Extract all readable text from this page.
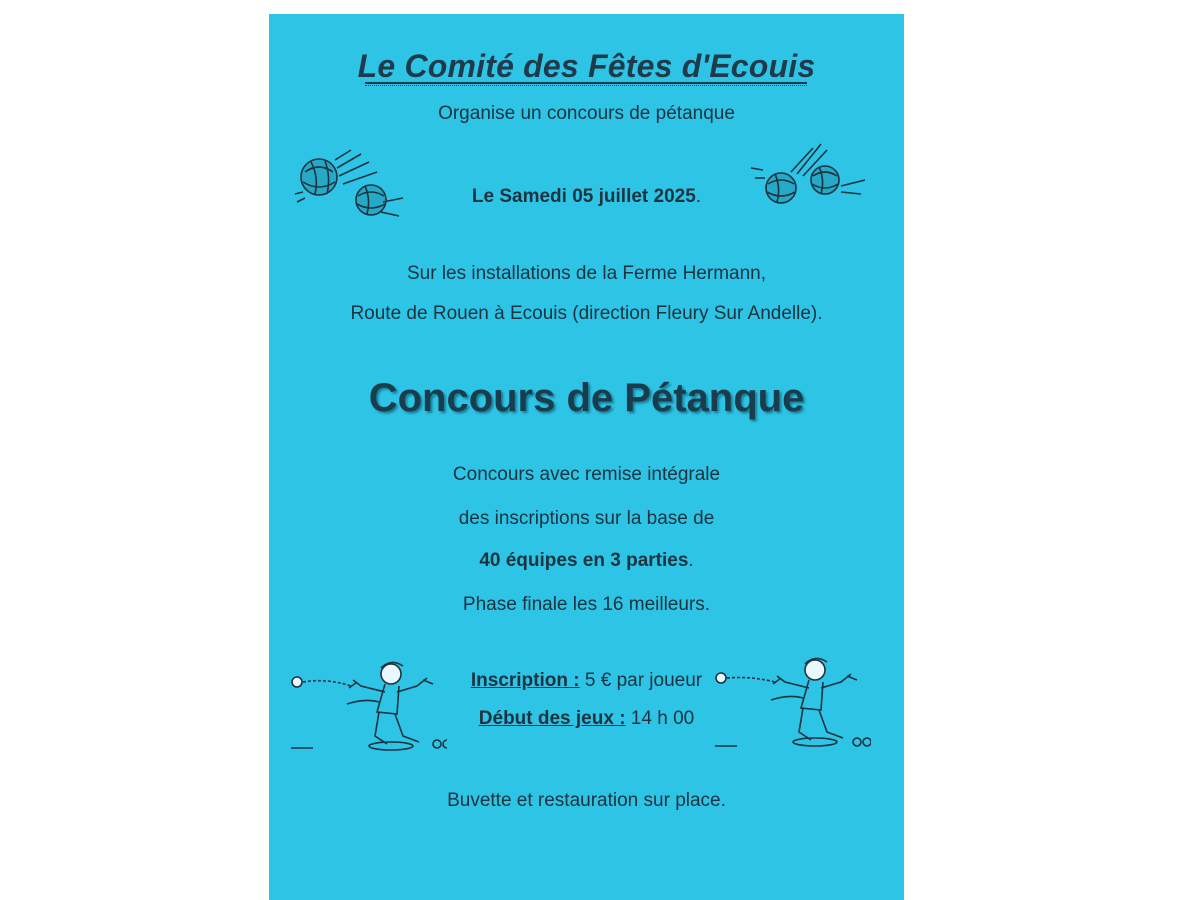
Le Comité des Fêtes d'Ecouis
Organise un concours de pétanque
Le Samedi 05 juillet 2025.
Sur les installations de la Ferme Hermann,
Route de Rouen à Ecouis (direction Fleury Sur Andelle).
Concours de Pétanque
Concours avec remise intégrale
des inscriptions sur la base de
40 équipes en 3 parties.
Phase finale les 16 meilleurs.
Inscription : 5 € par joueur
Début des jeux : 14 h 00
Buvette et restauration sur place.
